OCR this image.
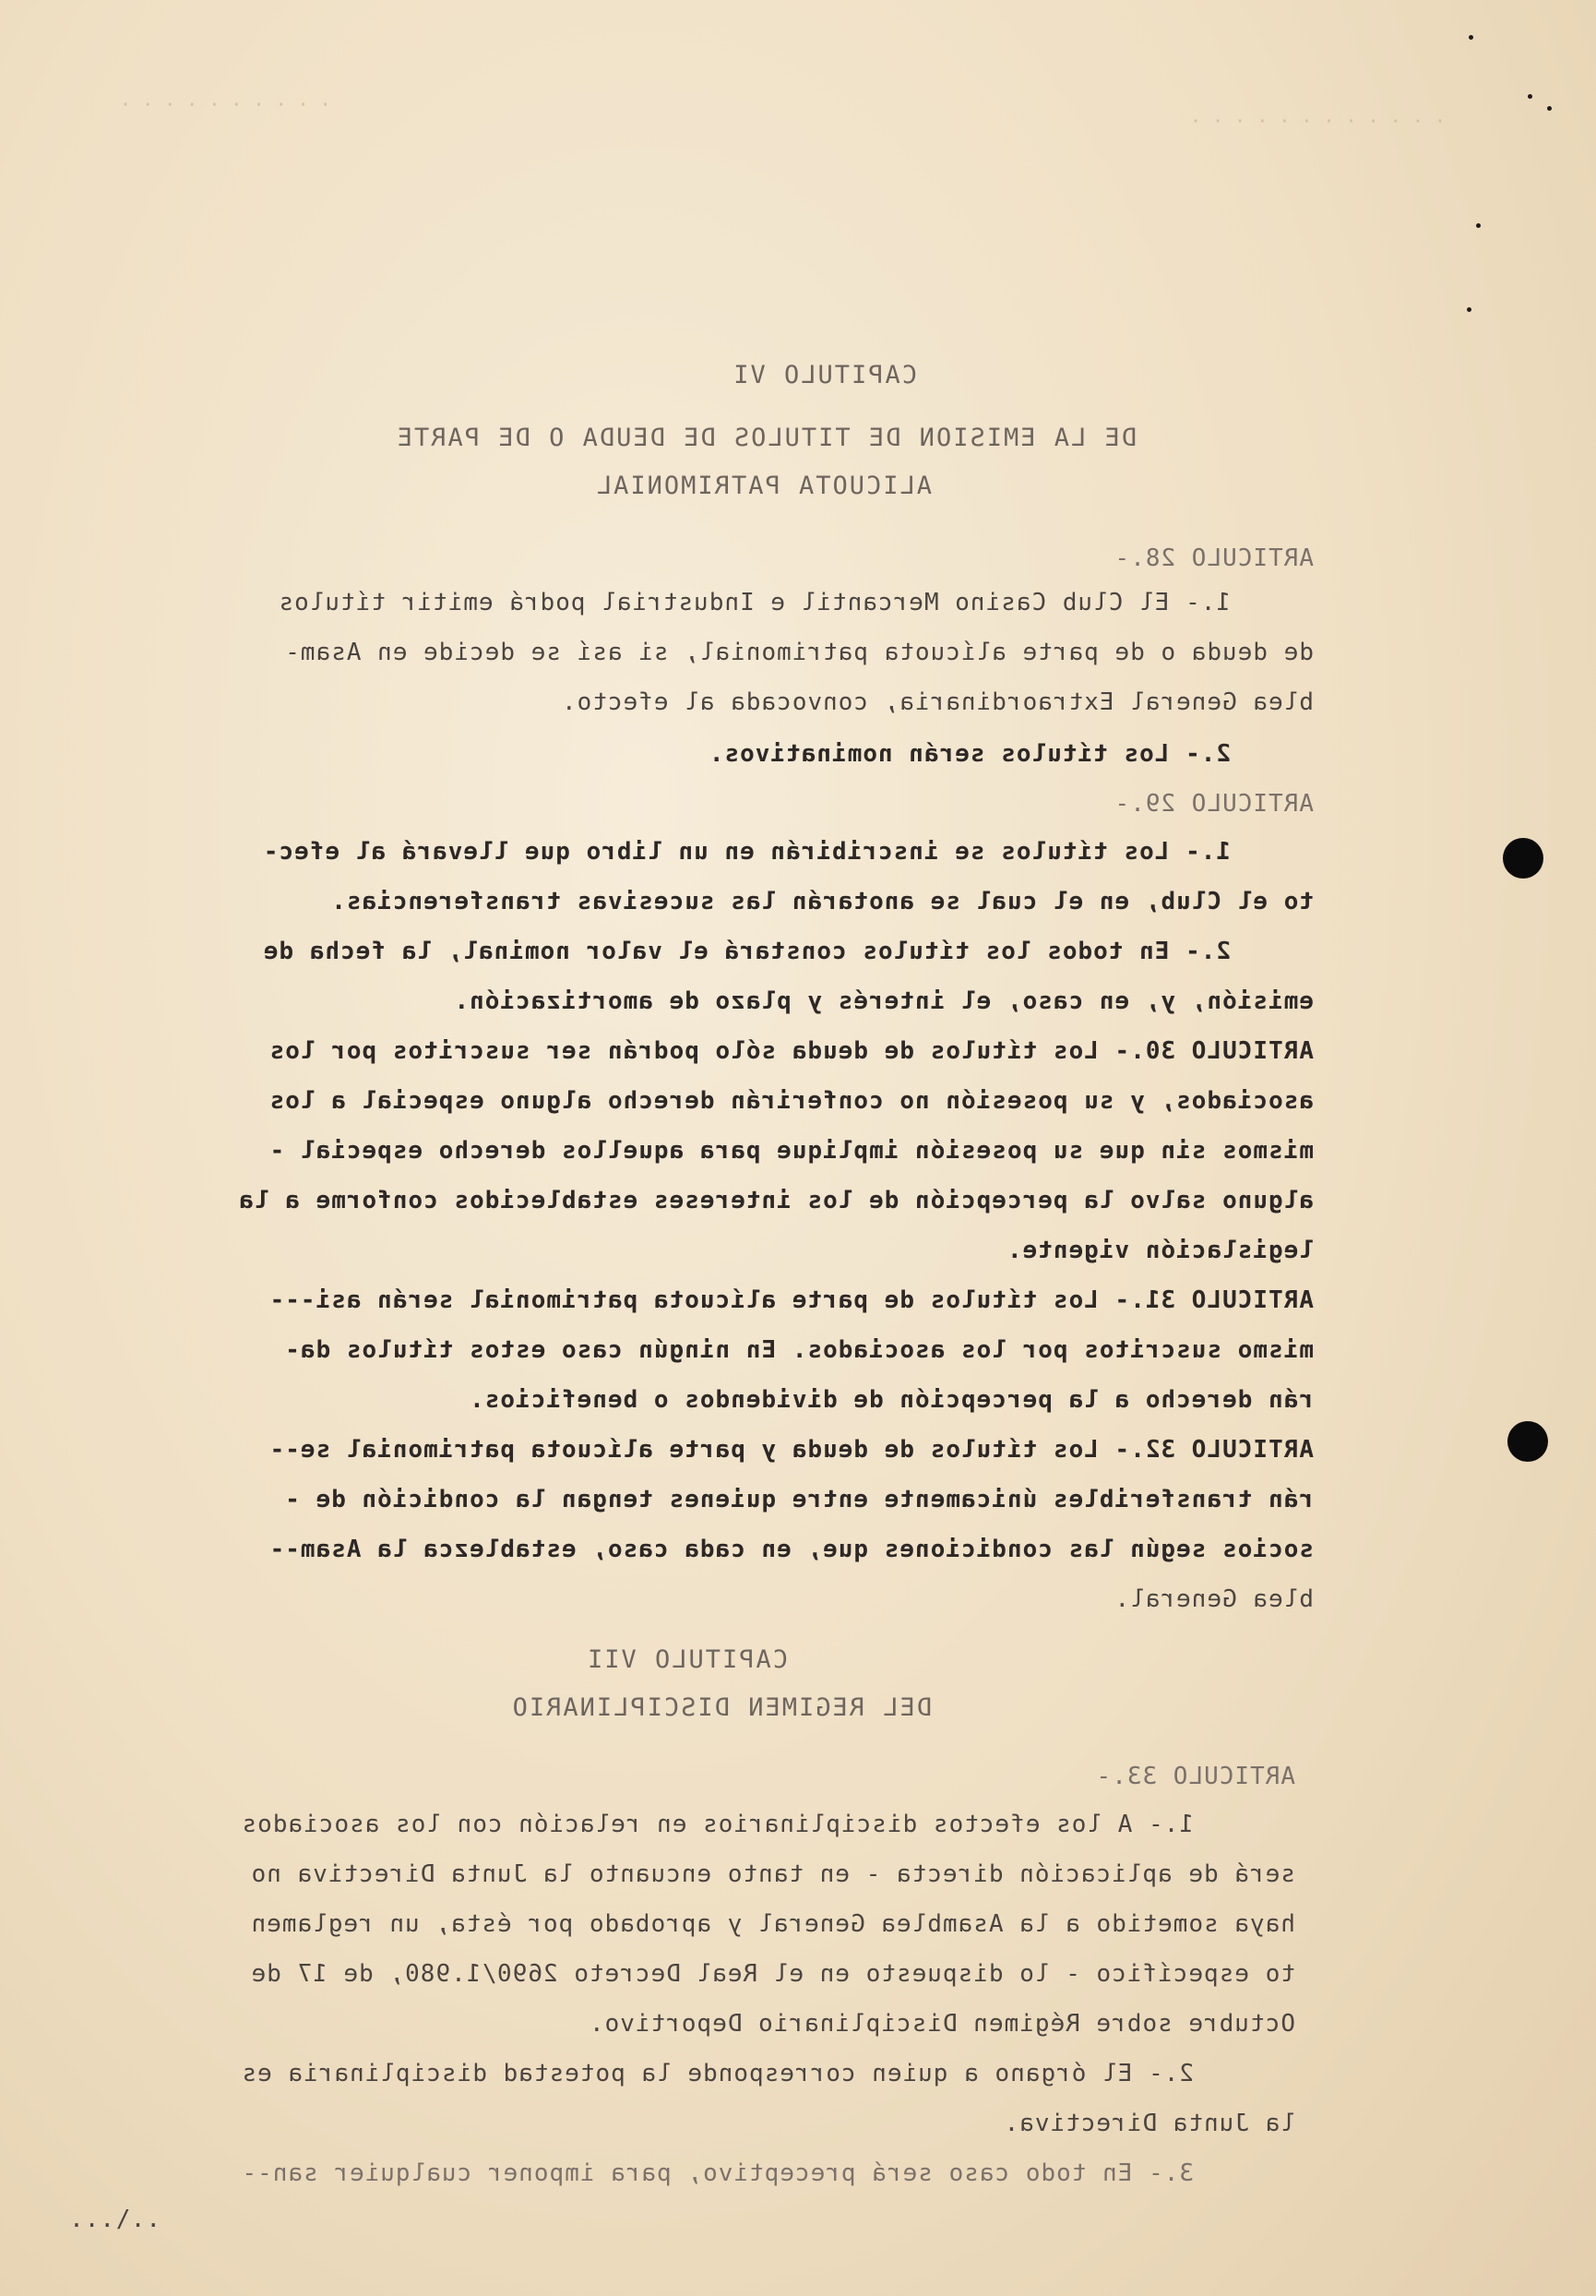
· · · · · · · · · ·
· · · · · · · · · · · ·
CAPITULO VI
DE LA EMISION DE TITULOS DE DEUDA O DE PARTE
ALICUOTA PATRIMONIAL
ARTICULO 28.-
1.- El Club Casino Mercantil e Industrial podrá emitir títulos
de deuda o de parte alícuota patrimonial, si así se decide en Asam-
blea General Extraordinaria, convocada al efecto.
2.- Los títulos serán nominativos.
ARTICULO 29.-
1.- Los títulos se inscribirán en un libro que llevará al efec-
to el Club, en el cual se anotarán las sucesivas transferencias.
2.- En todos los títulos constará el valor nominal, la fecha de
emisión, y, en caso, el interés y plazo de amortización.
ARTICULO 30.- Los títulos de deuda sólo podrán ser suscritos por los
asociados, y su posesión no conferirán derecho alguno especial a los
mismos sin que su posesión implique para aquellos derecho especial -
alguno salvo la percepción de los intereses establecidos conforme a la
legislación vigente.
ARTICULO 31.- Los títulos de parte alícuota patrimonial serán asi---
mismo suscritos por los asociados. En ningún caso estos títulos da-
rán derecho a la percepción de dividendos o beneficios.
ARTICULO 32.- Los títulos de deuda y parte alícuota patrimonial se--
rán transferibles únicamente entre quienes tengan la condición de -
socios según las condiciones que, en cada caso, establezca la Asam--
blea General.
CAPITULO VII
DEL REGIMEN DISCIPLINARIO
ARTICULO 33.-
1.- A los efectos disciplinarios en relación con los asociados
será de aplicación directa - en tanto encuanto la Junta Directiva no
haya sometido a la Asamblea General y aprobado por ésta, un reglamen
to específico - lo dispuesto en el Real Decreto 2690/1.980, de 17 de
Octubre sobre Régimen Disciplinario Deportivo.
2.- El órgano a quien corresponde la potestad disciplinaria es
la Junta Directiva.
3.- En todo caso será preceptivo, para imponer cualquier san--
..\...
